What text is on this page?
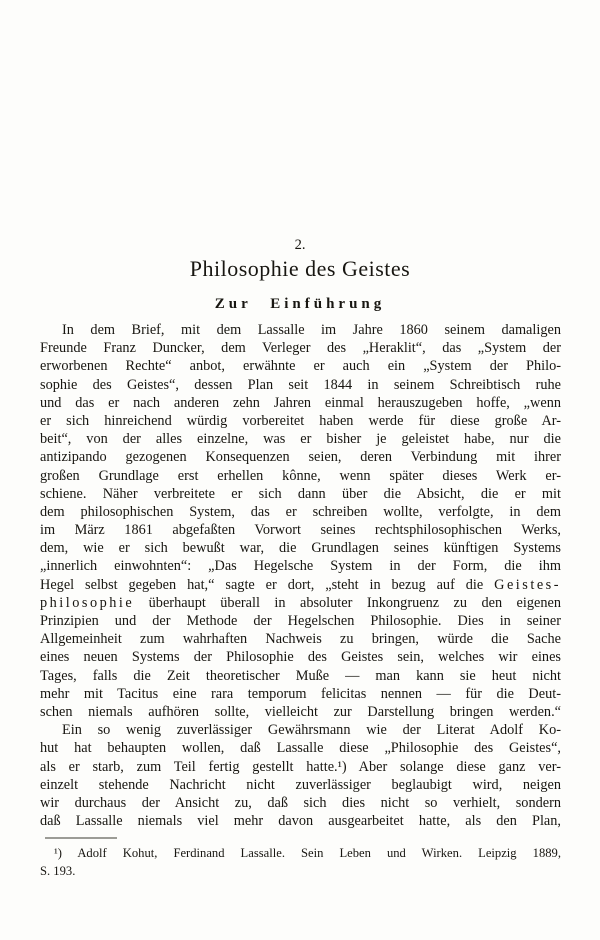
2.
Philosophie des Geistes
Zur Einführung
In dem Brief, mit dem Lassalle im Jahre 1860 seinem damaligen
Freunde Franz Duncker, dem Verleger des „Heraklit“, das „System der
erworbenen Rechte“ anbot, erwähnte er auch ein „System der Philo-
sophie des Geistes“, dessen Plan seit 1844 in seinem Schreibtisch ruhe
und das er nach anderen zehn Jahren einmal herauszugeben hoffe, „wenn
er sich hinreichend würdig vorbereitet haben werde für diese große Ar-
beit“, von der alles einzelne, was er bisher je geleistet habe, nur die
antizipando gezogenen Konsequenzen seien, deren Verbindung mit ihrer
großen Grundlage erst erhellen kônne, wenn später dieses Werk er-
schiene. Näher verbreitete er sich dann über die Absicht, die er mit
dem philosophischen System, das er schreiben wollte, verfolgte, in dem
im März 1861 abgefaßten Vorwort seines rechtsphilosophischen Werks,
dem, wie er sich bewußt war, die Grundlagen seines künftigen Systems
„innerlich einwohnten“: „Das Hegelsche System in der Form, die ihm
Hegel selbst gegeben hat,“ sagte er dort, „steht in bezug auf die Geistes-
philosophie überhaupt überall in absoluter Inkongruenz zu den eigenen
Prinzipien und der Methode der Hegelschen Philosophie. Dies in seiner
Allgemeinheit zum wahrhaften Nachweis zu bringen, würde die Sache
eines neuen Systems der Philosophie des Geistes sein, welches wir eines
Tages, falls die Zeit theoretischer Muße — man kann sie heut nicht
mehr mit Tacitus eine rara temporum felicitas nennen — für die Deut-
schen niemals aufhören sollte, vielleicht zur Darstellung bringen werden.“
Ein so wenig zuverlässiger Gewährsmann wie der Literat Adolf Ko-
hut hat behaupten wollen, daß Lassalle diese „Philosophie des Geistes“,
als er starb, zum Teil fertig gestellt hatte.¹) Aber solange diese ganz ver-
einzelt stehende Nachricht nicht zuverlässiger beglaubigt wird, neigen
wir durchaus der Ansicht zu, daß sich dies nicht so verhielt, sondern
daß Lassalle niemals viel mehr davon ausgearbeitet hatte, als den Plan,
¹) Adolf Kohut, Ferdinand Lassalle. Sein Leben und Wirken. Leipzig 1889,
S. 193.
